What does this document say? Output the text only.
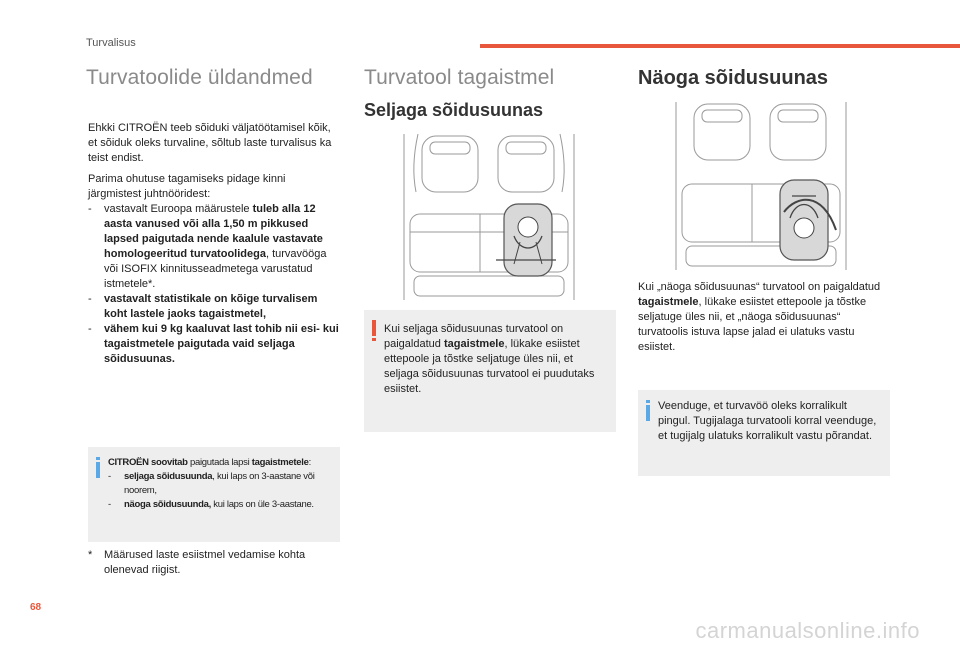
Turvalisus
Turvatoolide üldandmed
Ehkki CITROËN teeb sõiduki väljatöötamisel kõik, et sõiduk oleks turvaline, sõltub laste turvalisus ka teist endist.
Parima ohutuse tagamiseks pidage kinni
järgmistest juhtnööridest:
- vastavalt Euroopa määrustele tuleb alla 12 aasta vanused või alla 1,50 m pikkused lapsed paigutada nende kaalule vastavate homologeeritud turvatoolidega, turvavööga või ISOFIX kinnitusseadmetega varustatud istmetele*.
- vastavalt statistikale on kõige turvalisem koht lastele jaoks tagaistmetel,
- vähem kui 9 kg kaaluvat last tohib nii esi- kui tagaistmetele paigutada vaid seljaga sõidusuunas.
CITROËN soovitab paigutada lapsi tagaistmetele:
- seljaga sõidusuunda, kui laps on 3-aastane või noorem,
- näoga sõidusuunda, kui laps on üle 3-aastane.
* Määrused laste esiistmel vedamise kohta olenevad riigist.
Turvatool tagaistmel
Seljaga sõidusuunas
Kui seljaga sõidusuunas turvatool on paigaldatud tagaistmele, lükake esiistet ettepoole ja tõstke seljatuge üles nii, et seljaga sõidusuunas turvatool ei puudutaks esiistet.
Näoga sõidusuunas
Kui „näoga sõidusuunas“ turvatool on paigaldatud tagaistmele, lükake esiistet ettepoole ja tõstke seljatuge üles nii, et „näoga sõidusuunas“ turvatoolis istuva lapse jalad ei ulatuks vastu esiistet.
Veenduge, et turvavöö oleks korralikult pingul. Tugijalaga turvatooli korral veenduge, et tugijalg ulatuks korralikult vastu põrandat.
68
carmanualsonline.info
